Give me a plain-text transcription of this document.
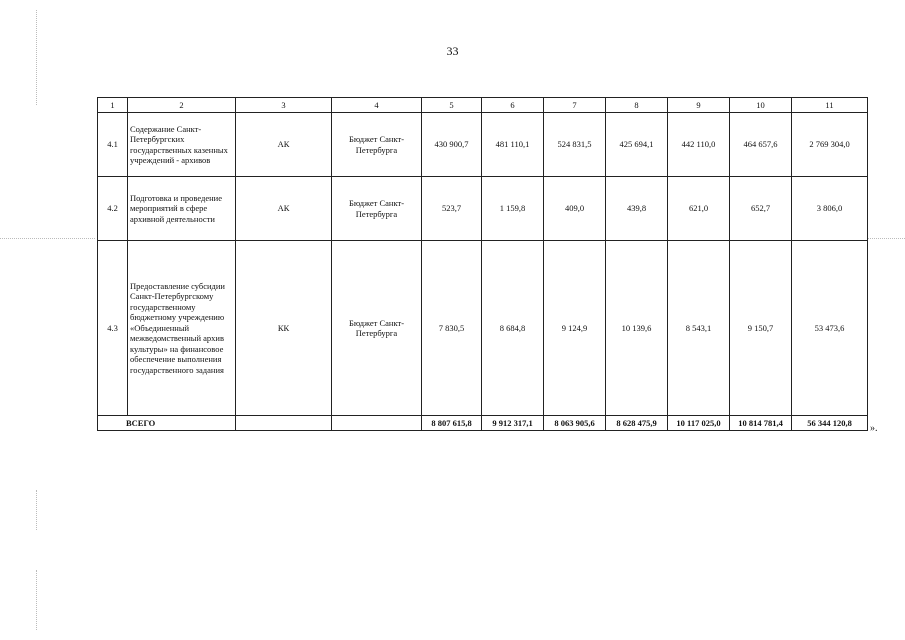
33
1	2	3	4	5	6	7	8	9	10	11
4.1	Содержание Санкт-Петербургских государственных казенных учреждений - архивов	АК	Бюджет Санкт-Петербурга	430 900,7	481 110,1	524 831,5	425 694,1	442 110,0	464 657,6	2 769 304,0
4.2	Подготовка и проведение мероприятий в сфере архивной деятельности	АК	Бюджет Санкт-Петербурга	523,7	1 159,8	409,0	439,8	621,0	652,7	3 806,0
4.3	Предоставление субсидии Санкт-Петербургскому государственному бюджетному учреждению «Объединенный межведомственный архив культуры» на финансовое обеспечение выполнения государственного задания	КК	Бюджет Санкт-Петербурга	7 830,5	8 684,8	9 124,9	10 139,6	8 543,1	9 150,7	53 473,6
ВСЕГО				8 807 615,8	9 912 317,1	8 063 905,6	8 628 475,9	10 117 025,0	10 814 781,4	56 344 120,8
».
